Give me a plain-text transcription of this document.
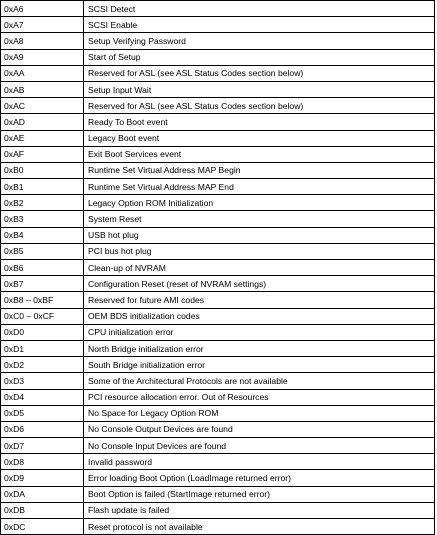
0xA6	SCSI Detect
0xA7	SCSI Enable
0xA8	Setup Verifying Password
0xA9	Start of Setup
0xAA	Reserved for ASL (see ASL Status Codes section below)
0xAB	Setup Input Wait
0xAC	Reserved for ASL (see ASL Status Codes section below)
0xAD	Ready To Boot event
0xAE	Legacy Boot event
0xAF	Exit Boot Services event
0xB0	Runtime Set Virtual Address MAP Begin
0xB1	Runtime Set Virtual Address MAP End
0xB2	Legacy Option ROM Initialization
0xB3	System Reset
0xB4	USB hot plug
0xB5	PCI bus hot plug
0xB6	Clean-up of NVRAM
0xB7	Configuration Reset (reset of NVRAM settings)
0xB8 – 0xBF	Reserved for future AMI codes
0xC0 – 0xCF	OEM BDS initialization codes
0xD0	CPU initialization error
0xD1	North Bridge initialization error
0xD2	South Bridge initialization error
0xD3	Some of the Architectural Protocols are not available
0xD4	PCI resource allocation error. Out of Resources
0xD5	No Space for Legacy Option ROM
0xD6	No Console Output Devices are found
0xD7	No Console Input Devices are found
0xD8	Invalid password
0xD9	Error loading Boot Option (LoadImage returned error)
0xDA	Boot Option is failed (StartImage returned error)
0xDB	Flash update is failed
0xDC	Reset protocol is not available
